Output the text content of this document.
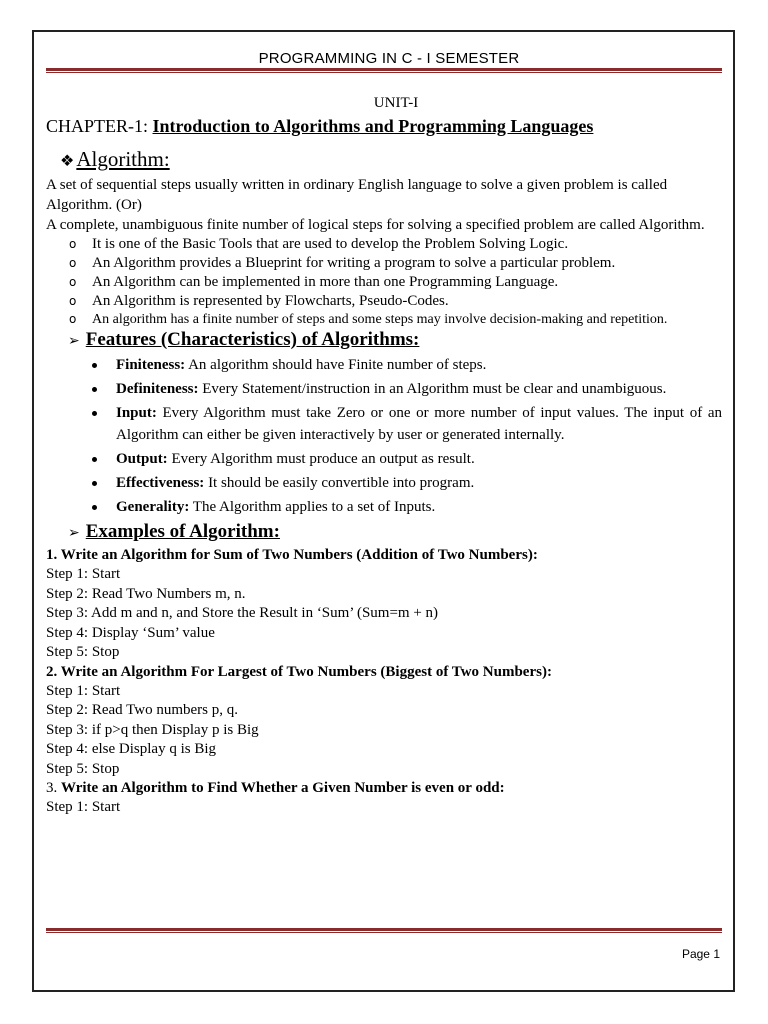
PROGRAMMING IN C - I SEMESTER
UNIT-I
CHAPTER-1: Introduction to Algorithms and Programming Languages
❖Algorithm:

A set of sequential steps usually written in ordinary English language to solve a given problem is called Algorithm. (Or)

A complete, unambiguous finite number of logical steps for solving a specified problem are called Algorithm.

o It is one of the Basic Tools that are used to develop the Problem Solving Logic.
o An Algorithm provides a Blueprint for writing a program to solve a particular problem.
o An Algorithm can be implemented in more than one Programming Language.
o An Algorithm is represented by Flowcharts, Pseudo-Codes.
o An algorithm has a finite number of steps and some steps may involve decision-making and repetition.
➢ Features (Characteristics) of Algorithms:
Finiteness: An algorithm should have Finite number of steps.
Definiteness: Every Statement/instruction in an Algorithm must be clear and unambiguous.
Input: Every Algorithm must take Zero or one or more number of input values. The input of an Algorithm can either be given interactively by user or generated internally.
Output: Every Algorithm must produce an output as result.
Effectiveness: It should be easily convertible into program.
Generality: The Algorithm applies to a set of Inputs.
➢ Examples of Algorithm:
1. Write an Algorithm for Sum of Two Numbers (Addition of Two Numbers):
Step 1: Start
Step 2: Read Two Numbers m, n.
Step 3: Add m and n, and Store the Result in ‘Sum’ (Sum=m + n)
Step 4: Display ‘Sum’ value
Step 5: Stop
2. Write an Algorithm For Largest of Two Numbers (Biggest of Two Numbers):
Step 1: Start
Step 2: Read Two numbers p, q.
Step 3: if p>q then Display p is Big
Step 4: else Display q is Big
Step 5: Stop
3. Write an Algorithm to Find Whether a Given Number is even or odd:
Step 1: Start
Page 1
